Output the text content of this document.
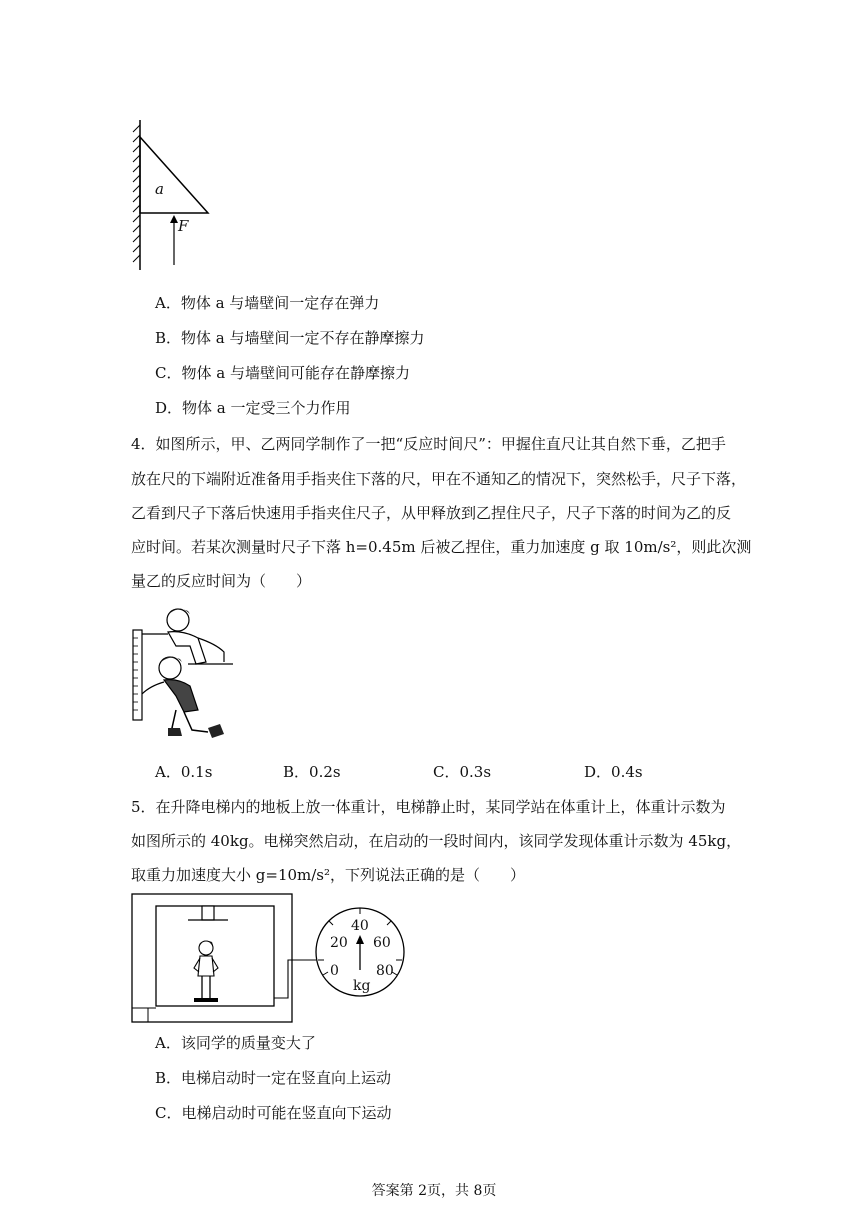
a
F
A．物体 a 与墙壁间一定存在弹力
B．物体 a 与墙壁间一定不存在静摩擦力
C．物体 a 与墙壁间可能存在静摩擦力
D．物体 a 一定受三个力作用
4．如图所示，甲、乙两同学制作了一把“反应时间尺”：甲握住直尺让其自然下垂，乙把手
放在尺的下端附近准备用手指夹住下落的尺，甲在不通知乙的情况下，突然松手，尺子下落，
乙看到尺子下落后快速用手指夹住尺子，从甲释放到乙捏住尺子，尺子下落的时间为乙的反
应时间。若某次测量时尺子下落 h=0.45m 后被乙捏住，重力加速度 g 取 10m/s²，则此次测
量乙的反应时间为（　　）
A．0.1s	B．0.2s	C．0.3s	D．0.4s
5．在升降电梯内的地板上放一体重计，电梯静止时，某同学站在体重计上，体重计示数为
如图所示的 40kg。电梯突然启动，在启动的一段时间内，该同学发现体重计示数为 45kg，
取重力加速度大小 g=10m/s²，下列说法正确的是（　　）
40
20 60
0	80
kg
A．该同学的质量变大了
B．电梯启动时一定在竖直向上运动
C．电梯启动时可能在竖直向下运动
答案第 2页，共 8页
